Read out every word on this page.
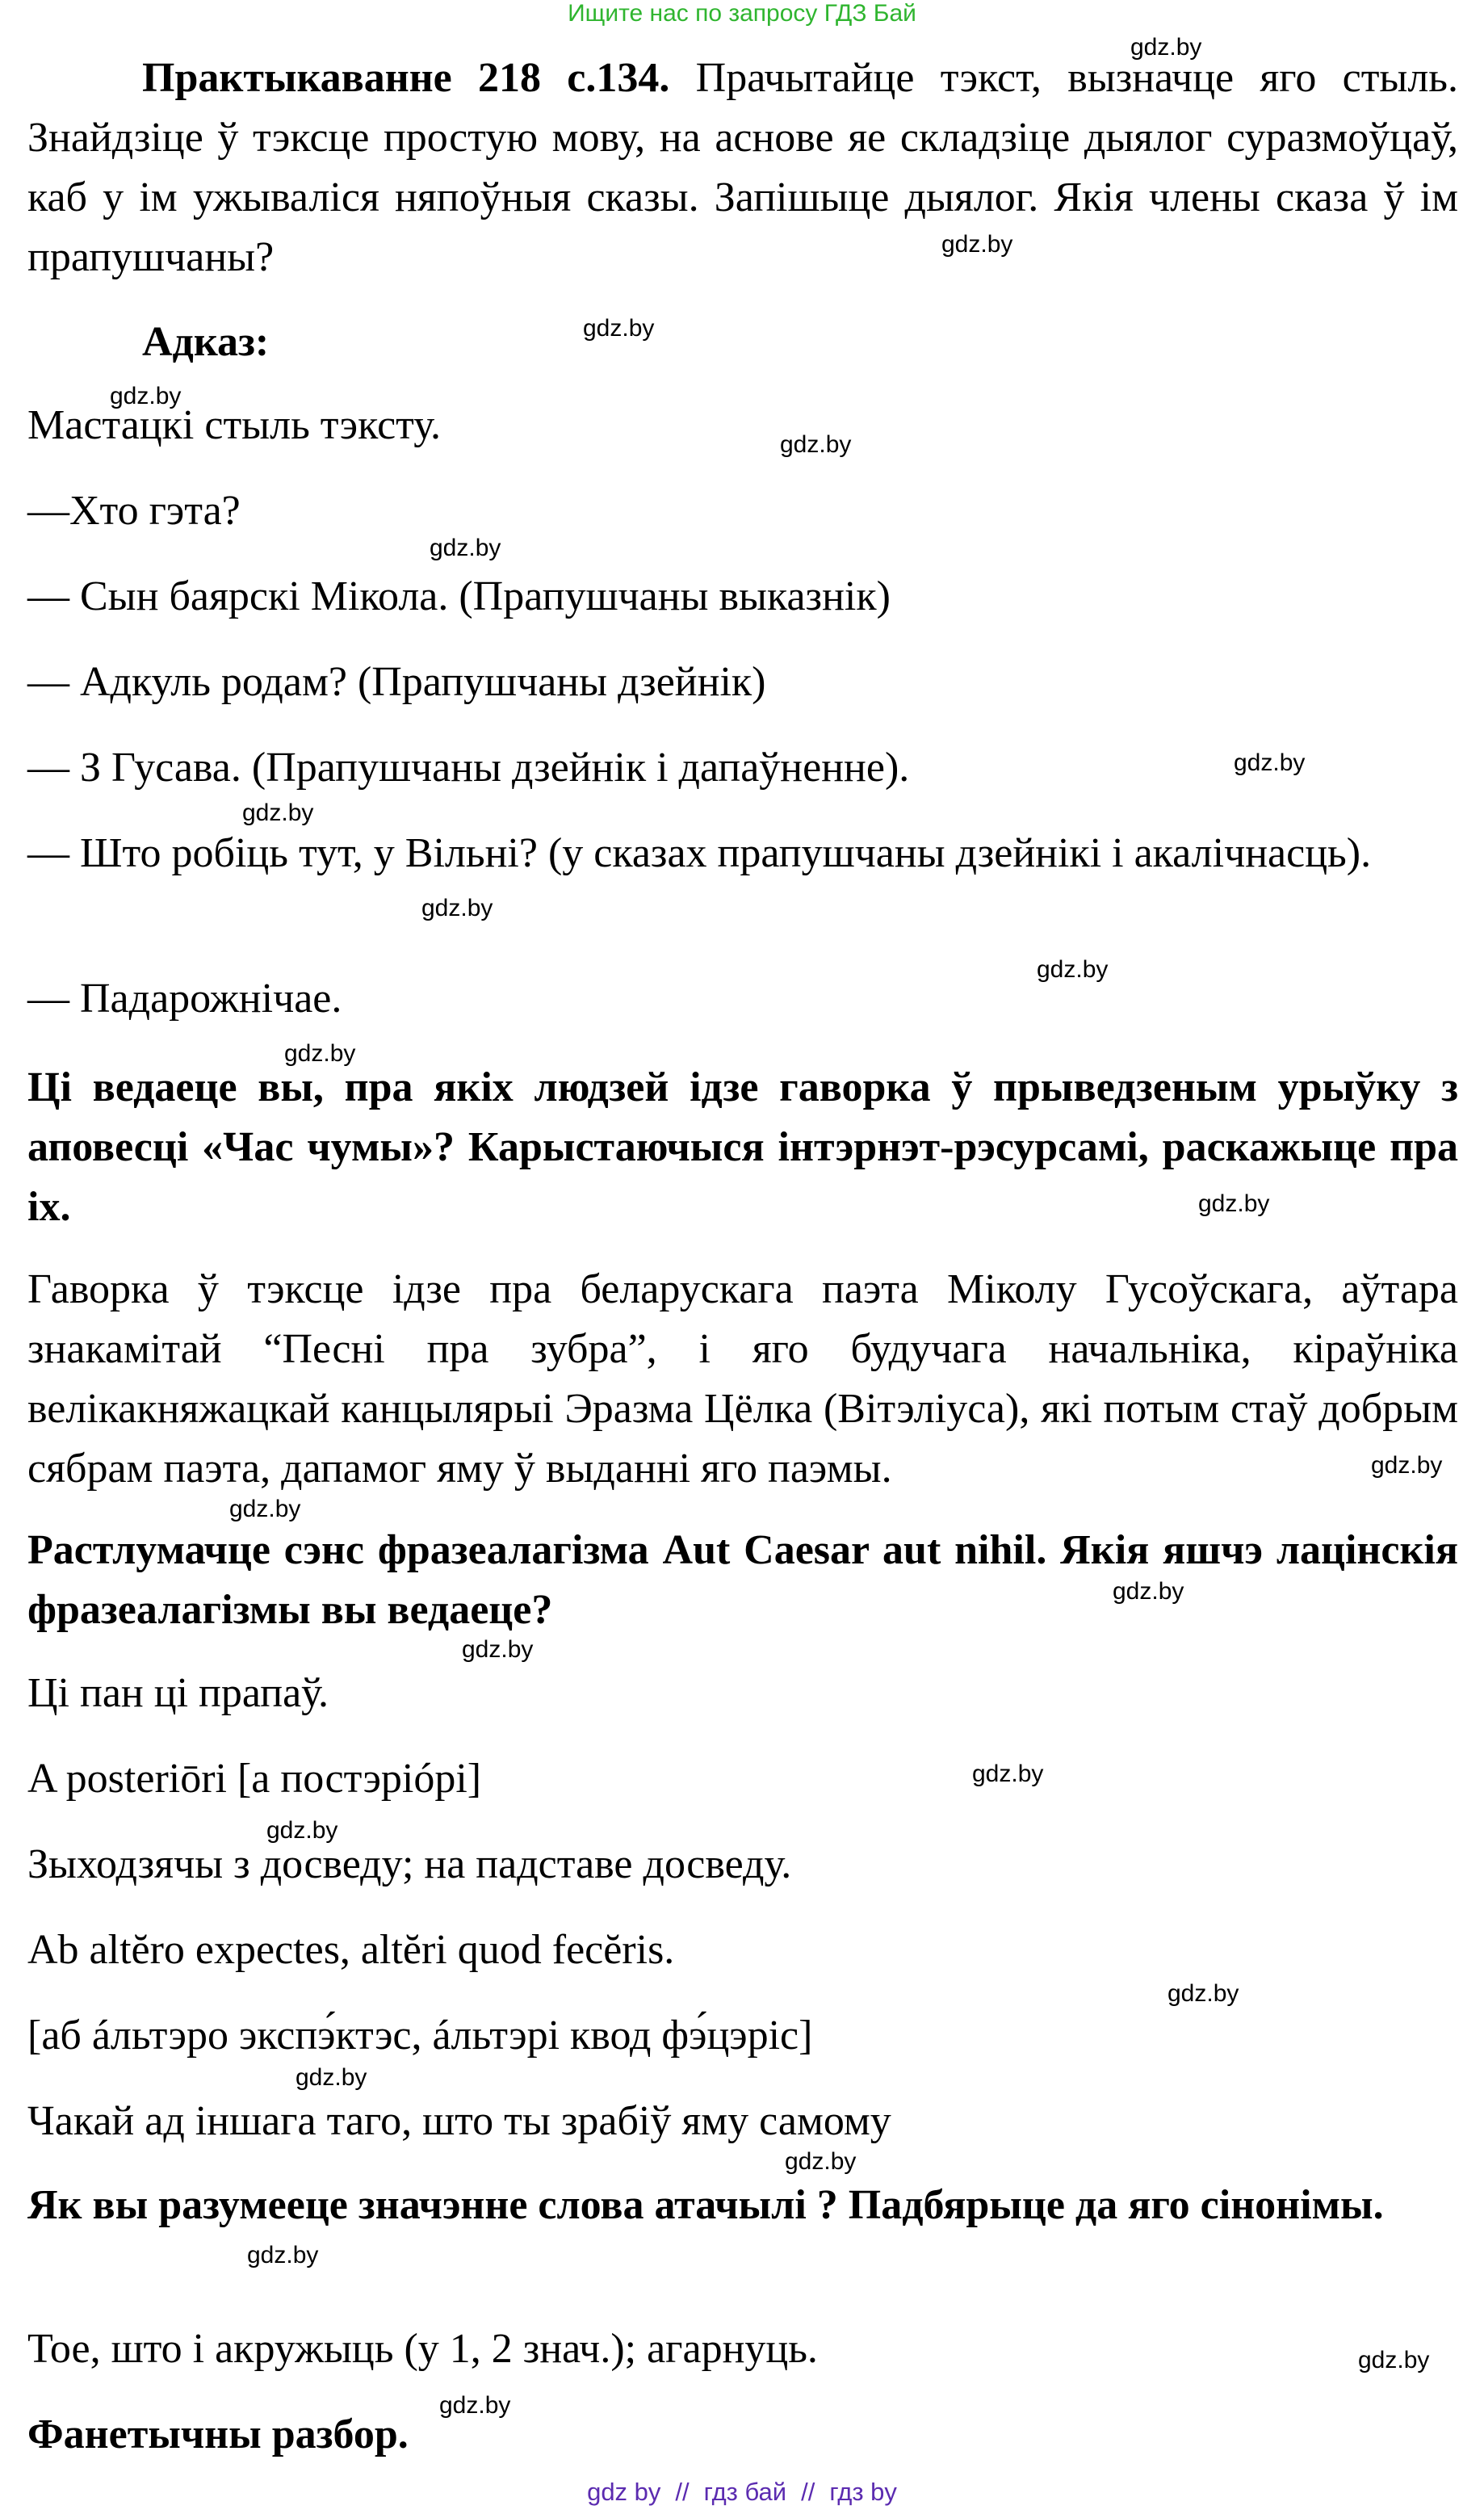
Ищите нас по запросу ГДЗ Бай
Практыкаванне 218 с.134. Прачытайце тэкст, вызначце яго стыль. Знайдзіце ў тэксце простую мову, на аснове яе складзіце дыялог суразмоўцаў, каб у ім ужываліся няпоўныя сказы. Запішыце дыялог. Якія члены сказа ў ім прапушчаны?
Адказ:
Мастацкі стыль тэксту.
—Хто гэта?
— Сын баярскі Мікола. (Прапушчаны выказнік)
— Адкуль родам? (Прапушчаны дзейнік)
— З Гусава. (Прапушчаны дзейнік і дапаўненне).
— Што робіць тут, у Вільні? (у сказах прапушчаны дзейнікі і акалічнасць).
— Падарожнічае.
Ці ведаеце вы, пра якіх людзей ідзе гаворка ў прыведзеным урыўку з аповесці «Час чумы»? Карыстаючыся інтэрнэт-рэсурсамі, раскажыце пра іх.
Гаворка ў тэксце ідзе пра беларускага паэта Міколу Гусоўскага, аўтара знакамітай “Песні пра зубра”, і яго будучага начальніка, кіраўніка велікакняжацкай канцылярыі Эразма Цёлка (Вітэліуса), які потым стаў добрым сябрам паэта, дапамог яму ў выданні яго паэмы.
Растлумачце сэнс фразеалагізма Aut Caesar aut nihil. Якія яшчэ лацінскія фразеалагізмы вы ведаеце?
Ці пан ці прапаў.
A posteriōri [а постэрióрі]
Зыходзячы з досведу; на падставе досведу.
Ab altĕro expectes, altĕri quod fecĕris.
[аб áльтэро экспэ́ктэс, áльтэрі квод фэ́цэріс]
Чакай ад іншага таго, што ты зрабіў яму самому
Як вы разумееце значэнне слова атачылі ? Падбярыце да яго сінонімы.
Тое, што і акружыць (у 1, 2 знач.); агарнуць.
Фанетычны разбор.
gdz.by
gdz.by
gdz.by
gdz.by
gdz.by
gdz.by
gdz.by
gdz.by
gdz.by
gdz.by
gdz.by
gdz.by
gdz.by
gdz.by
gdz.by
gdz.by
gdz.by
gdz.by
gdz.by
gdz.by
gdz.by
gdz.by
gdz.by
gdz.by
gdz by // гдз бай // гдз by
